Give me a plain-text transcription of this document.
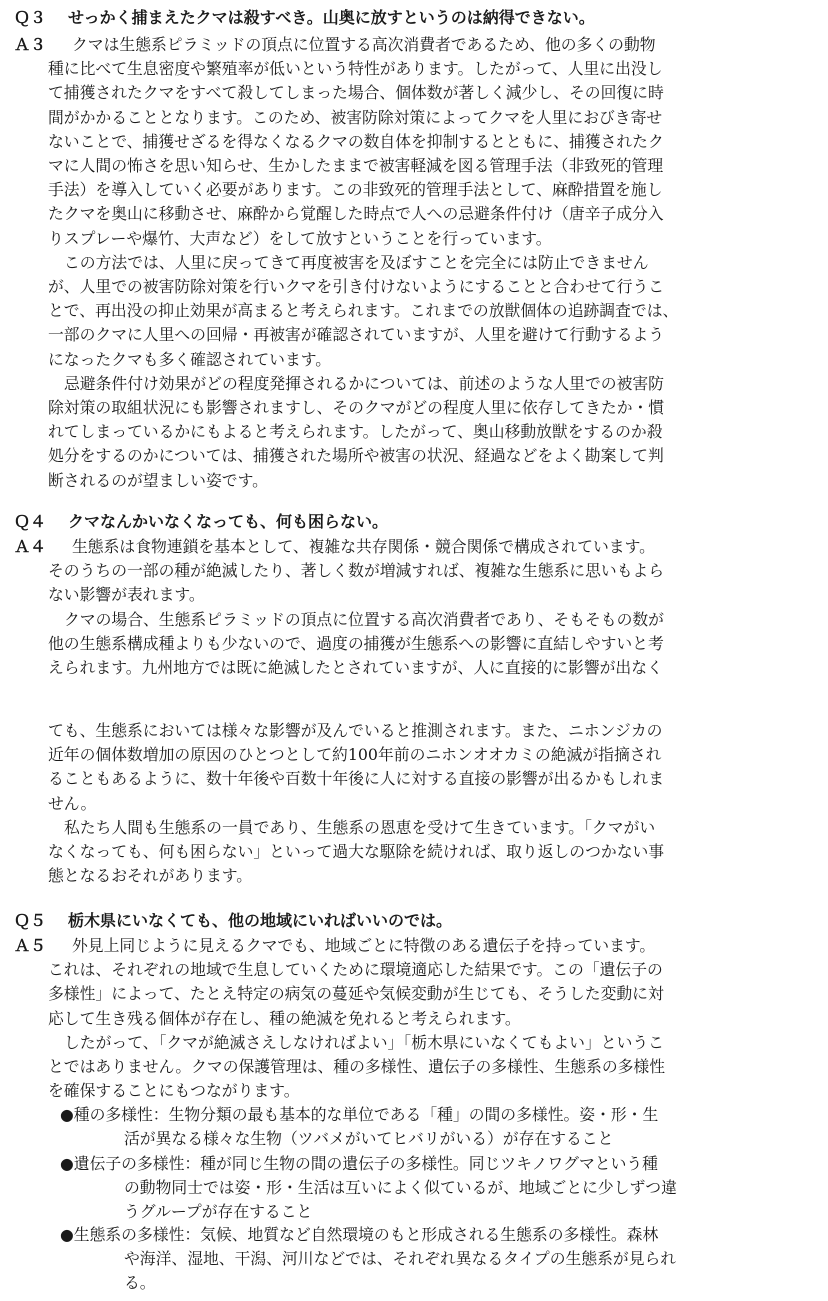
Ｑ３ せっかく捕まえたクマは殺すべき。山奥に放すというのは納得できない。
Ａ３	クマは生態系ピラミッドの頂点に位置する高次消費者であるため、他の多くの動物
種に比べて生息密度や繁殖率が低いという特性があります。したがって、人里に出没し
て捕獲されたクマをすべて殺してしまった場合、個体数が著しく減少し、その回復に時
間がかかることとなります。このため、被害防除対策によってクマを人里におびき寄せ
ないことで、捕獲せざるを得なくなるクマの数自体を抑制するとともに、捕獲されたク
マに人間の怖さを思い知らせ、生かしたままで被害軽減を図る管理手法（非致死的管理
手法）を導入していく必要があります。この非致死的管理手法として、麻酔措置を施し
たクマを奥山に移動させ、麻酔から覚醒した時点で人への忌避条件付け（唐辛子成分入
りスプレーや爆竹、大声など）をして放すということを行っています。
この方法では、人里に戻ってきて再度被害を及ぼすことを完全には防止できません
が、人里での被害防除対策を行いクマを引き付けないようにすることと合わせて行うこ
とで、再出没の抑止効果が高まると考えられます。これまでの放獣個体の追跡調査では、
一部のクマに人里への回帰・再被害が確認されていますが、人里を避けて行動するよう
になったクマも多く確認されています。
忌避条件付け効果がどの程度発揮されるかについては、前述のような人里での被害防
除対策の取組状況にも影響されますし、そのクマがどの程度人里に依存してきたか・慣
れてしまっているかにもよると考えられます。したがって、奥山移動放獣をするのか殺
処分をするのかについては、捕獲された場所や被害の状況、経過などをよく勘案して判
断されるのが望ましい姿です。
Ｑ４ クマなんかいなくなっても、何も困らない。
Ａ４	生態系は食物連鎖を基本として、複雑な共存関係・競合関係で構成されています。
そのうちの一部の種が絶滅したり、著しく数が増減すれば、複雑な生態系に思いもよら
ない影響が表れます。
クマの場合、生態系ピラミッドの頂点に位置する高次消費者であり、そもそもの数が
他の生態系構成種よりも少ないので、過度の捕獲が生態系への影響に直結しやすいと考
えられます。九州地方では既に絶滅したとされていますが、人に直接的に影響が出なく
ても、生態系においては様々な影響が及んでいると推測されます。また、ニホンジカの
近年の個体数増加の原因のひとつとして約100年前のニホンオオカミの絶滅が指摘され
ることもあるように、数十年後や百数十年後に人に対する直接の影響が出るかもしれま
せん。
私たち人間も生態系の一員であり、生態系の恩恵を受けて生きています。「クマがい
なくなっても、何も困らない」といって過大な駆除を続ければ、取り返しのつかない事
態となるおそれがあります。
Ｑ５ 栃木県にいなくても、他の地域にいればいいのでは。
Ａ５	外見上同じように見えるクマでも、地域ごとに特徴のある遺伝子を持っています。
これは、それぞれの地域で生息していくために環境適応した結果です。この「遺伝子の
多様性」によって、たとえ特定の病気の蔓延や気候変動が生じても、そうした変動に対
応して生き残る個体が存在し、種の絶滅を免れると考えられます。
したがって、「クマが絶滅さえしなければよい」「栃木県にいなくてもよい」というこ
とではありません。クマの保護管理は、種の多様性、遺伝子の多様性、生態系の多様性
を確保することにもつながります。
●種の多様性：生物分類の最も基本的な単位である「種」の間の多様性。姿・形・生
活が異なる様々な生物（ツバメがいてヒバリがいる）が存在すること
●遺伝子の多様性：種が同じ生物の間の遺伝子の多様性。同じツキノワグマという種
の動物同士では姿・形・生活は互いによく似ているが、地域ごとに少しずつ違
うグループが存在すること
●生態系の多様性：気候、地質など自然環境のもと形成される生態系の多様性。森林
や海洋、湿地、干潟、河川などでは、それぞれ異なるタイプの生態系が見られ
る。
